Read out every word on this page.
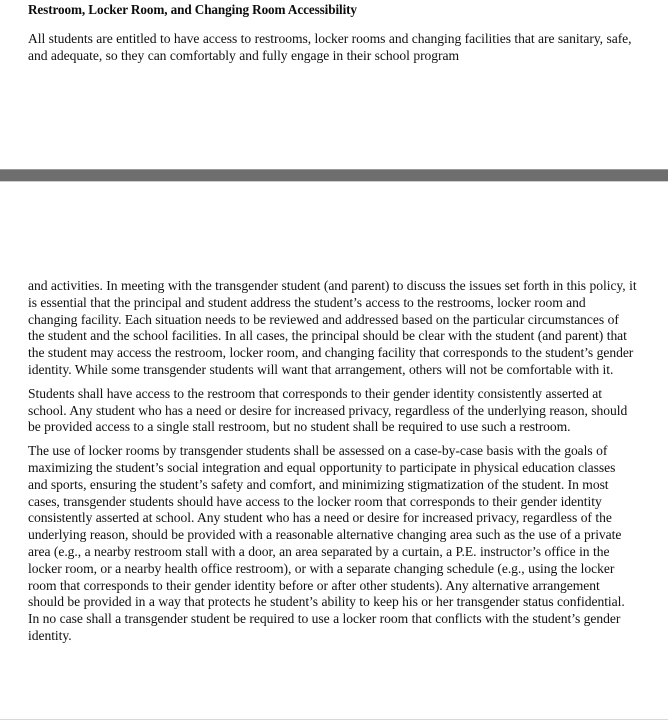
Restroom, Locker Room, and Changing Room Accessibility

All students are entitled to have access to restrooms, locker rooms and changing facilities that are sanitary, safe, and adequate, so they can comfortably and fully engage in their school program

and activities. In meeting with the transgender student (and parent) to discuss the issues set forth in this policy, it is essential that the principal and student address the student’s access to the restrooms, locker room and changing facility. Each situation needs to be reviewed and addressed based on the particular circumstances of the student and the school facilities. In all cases, the principal should be clear with the student (and parent) that the student may access the restroom, locker room, and changing facility that corresponds to the student’s gender identity. While some transgender students will want that arrangement, others will not be comfortable with it.

Students shall have access to the restroom that corresponds to their gender identity consistently asserted at school. Any student who has a need or desire for increased privacy, regardless of the underlying reason, should be provided access to a single stall restroom, but no student shall be required to use such a restroom.

The use of locker rooms by transgender students shall be assessed on a case-by-case basis with the goals of maximizing the student’s social integration and equal opportunity to participate in physical education classes and sports, ensuring the student’s safety and comfort, and minimizing stigmatization of the student. In most cases, transgender students should have access to the locker room that corresponds to their gender identity consistently asserted at school. Any student who has a need or desire for increased privacy, regardless of the underlying reason, should be provided with a reasonable alternative changing area such as the use of a private area (e.g., a nearby restroom stall with a door, an area separated by a curtain, a P.E. instructor’s office in the locker room, or a nearby health office restroom), or with a separate changing schedule (e.g., using the locker room that corresponds to their gender identity before or after other students). Any alternative arrangement should be provided in a way that protects he student’s ability to keep his or her transgender status confidential. In no case shall a transgender student be required to use a locker room that conflicts with the student’s gender identity.
